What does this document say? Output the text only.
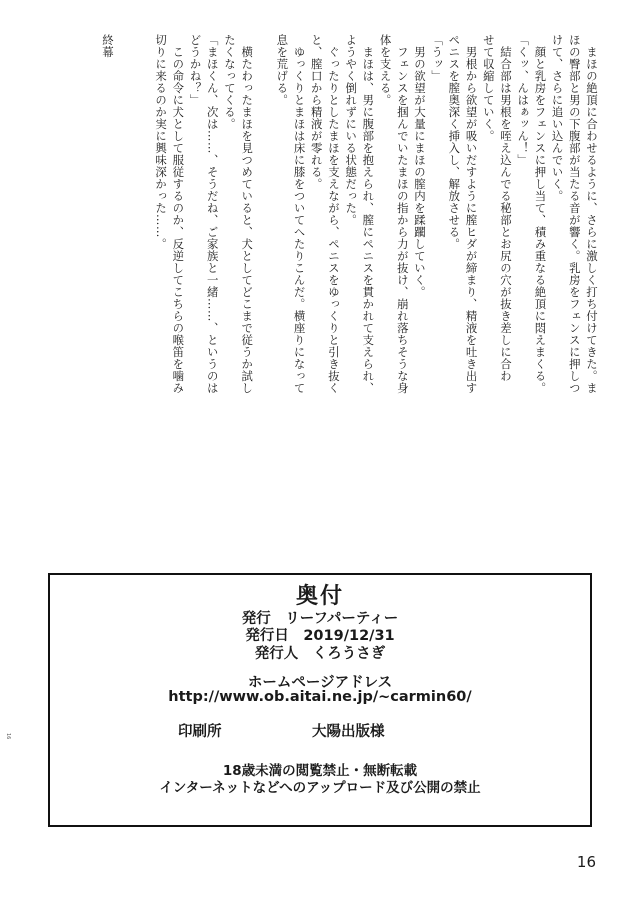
　まほの絶頂に合わせるように、さらに激しく打ち付けてきた。ま
ほの臀部と男の下腹部が当たる音が響く。乳房をフェンスに押しつ
けて、さらに追い込んでいく。
　顔と乳房をフェンスに押し当て、積み重なる絶頂に悶えまくる。
「くッ、んはぁッん！」
　結合部は男根を咥え込んでる秘部とお尻の穴が抜き差しに合わ
せて収縮していく。
　男根から欲望が吸いだすように膣ヒダが締まり、精液を吐き出す
ペニスを膣奥深く挿入し、解放させる。
「うッ」
　男の欲望が大量にまほの膣内を蹂躙していく。
　フェンスを掴んでいたまほの指から力が抜け、崩れ落ちそうな身
体を支える。
　まほは、男に腹部を抱えられ、膣にペニスを貫かれて支えられ、
ようやく倒れずにいる状態だった。
　ぐったりとしたまほを支えながら、ペニスをゆっくりと引き抜く
と、膣口から精液が零れる。
　ゆっくりとまほは床に膝をついてへたりこんだ。横座りになって
息を荒げる。
　横たわったまほを見つめていると、犬としてどこまで従うか試し
たくなってくる。
「まほくん、次は……、そうだね、ご家族と一緒……、というのは
どうかね？」
　この命令に犬として服従するのか、反逆してこちらの喉笛を噛み
切りに来るのか実に興味深かった……。
終幕
奥付
発行　リーフパーティー
発行日　2019/12/31
発行人　くろうさぎ
ホームページアドレス
http://www.ob.aitai.ne.jp/~carmin60/
印刷所	大陽出版様
18歳未満の閲覧禁止・無断転載
インターネットなどへのアップロード及び公開の禁止
16
16
